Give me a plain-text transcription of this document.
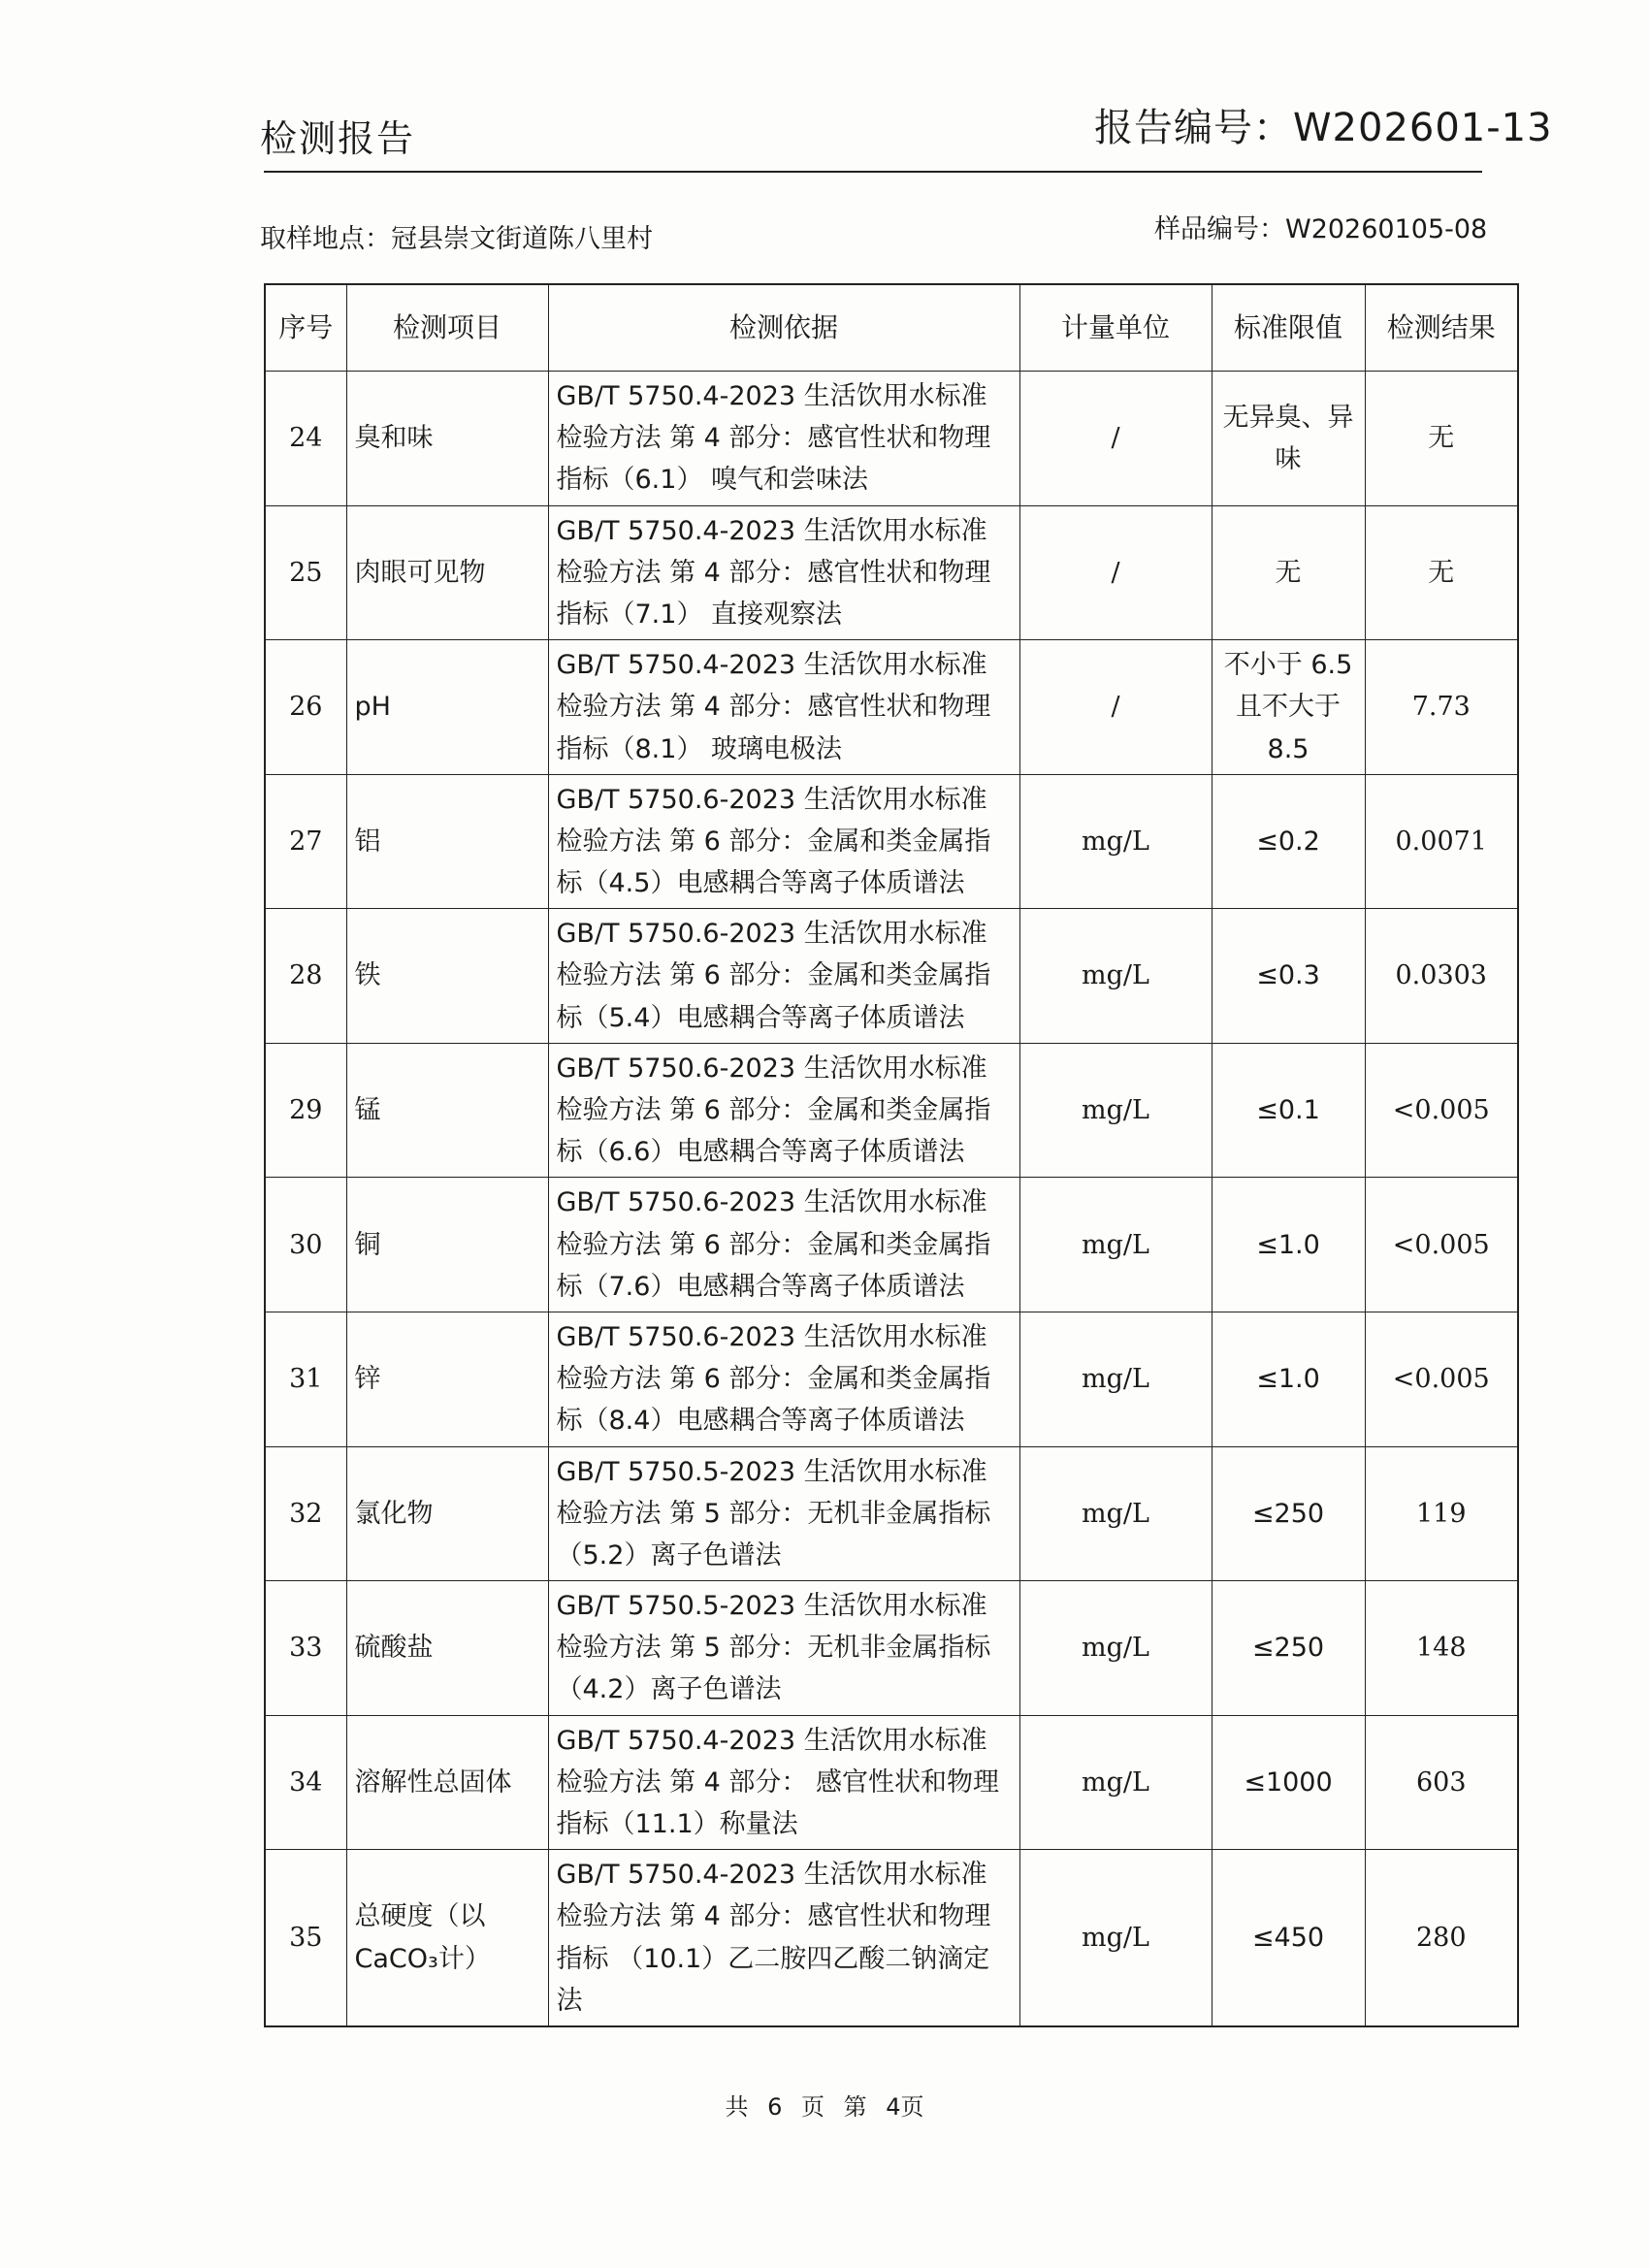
检测报告	报告编号：W202601-13
取样地点：冠县崇文街道陈八里村	样品编号：W20260105-08
序号	检测项目	检测依据	计量单位	标准限值	检测结果
24	臭和味	GB/T 5750.4-2023 生活饮用水标准检验方法 第 4 部分：感官性状和物理指标（6.1） 嗅气和尝味法	/	无异臭、异味	无
25	肉眼可见物	GB/T 5750.4-2023 生活饮用水标准检验方法 第 4 部分：感官性状和物理指标（7.1） 直接观察法	/	无	无
26	pH	GB/T 5750.4-2023 生活饮用水标准检验方法 第 4 部分：感官性状和物理指标（8.1） 玻璃电极法	/	不小于 6.5 且不大于 8.5	7.73
27	铝	GB/T 5750.6-2023 生活饮用水标准检验方法 第 6 部分：金属和类金属指标（4.5）电感耦合等离子体质谱法	mg/L	≤0.2	0.0071
28	铁	GB/T 5750.6-2023 生活饮用水标准检验方法 第 6 部分：金属和类金属指标（5.4）电感耦合等离子体质谱法	mg/L	≤0.3	0.0303
29	锰	GB/T 5750.6-2023 生活饮用水标准检验方法 第 6 部分：金属和类金属指标（6.6）电感耦合等离子体质谱法	mg/L	≤0.1	<0.005
30	铜	GB/T 5750.6-2023 生活饮用水标准检验方法 第 6 部分：金属和类金属指标（7.6）电感耦合等离子体质谱法	mg/L	≤1.0	<0.005
31	锌	GB/T 5750.6-2023 生活饮用水标准检验方法 第 6 部分：金属和类金属指标（8.4）电感耦合等离子体质谱法	mg/L	≤1.0	<0.005
32	氯化物	GB/T 5750.5-2023 生活饮用水标准检验方法 第 5 部分：无机非金属指标（5.2）离子色谱法	mg/L	≤250	119
33	硫酸盐	GB/T 5750.5-2023 生活饮用水标准检验方法 第 5 部分：无机非金属指标（4.2）离子色谱法	mg/L	≤250	148
34	溶解性总固体	GB/T 5750.4-2023 生活饮用水标准检验方法 第 4 部分： 感官性状和物理指标（11.1）称量法	mg/L	≤1000	603
35	总硬度（以CaCO₃计）	GB/T 5750.4-2023 生活饮用水标准检验方法 第 4 部分：感官性状和物理指标 （10.1）乙二胺四乙酸二钠滴定法	mg/L	≤450	280
共 6 页 第 4页
